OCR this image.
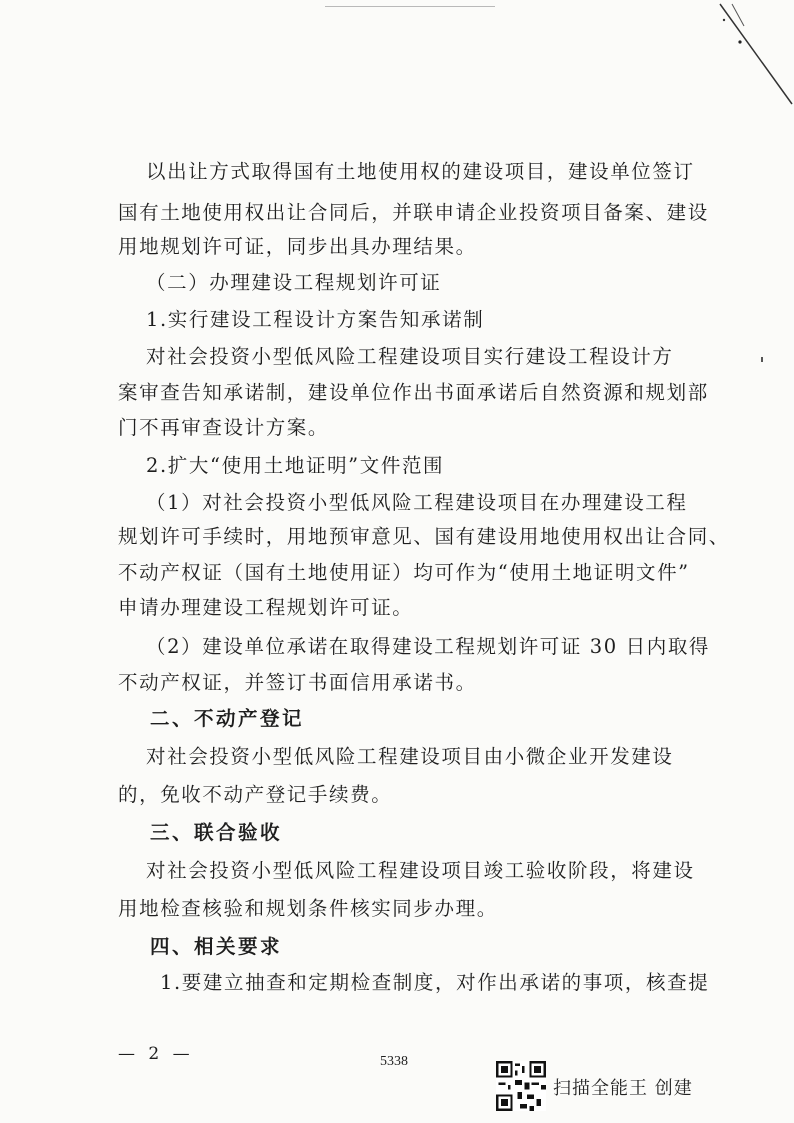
以出让方式取得国有土地使用权的建设项目，建设单位签订
国有土地使用权出让合同后，并联申请企业投资项目备案、建设
用地规划许可证，同步出具办理结果。
（二）办理建设工程规划许可证
1.实行建设工程设计方案告知承诺制
对社会投资小型低风险工程建设项目实行建设工程设计方
案审查告知承诺制，建设单位作出书面承诺后自然资源和规划部
门不再审查设计方案。
2.扩大“使用土地证明”文件范围
（1）对社会投资小型低风险工程建设项目在办理建设工程
规划许可手续时，用地预审意见、国有建设用地使用权出让合同、
不动产权证（国有土地使用证）均可作为“使用土地证明文件”
申请办理建设工程规划许可证。
（2）建设单位承诺在取得建设工程规划许可证 30 日内取得
不动产权证，并签订书面信用承诺书。
二、不动产登记
对社会投资小型低风险工程建设项目由小微企业开发建设
的，免收不动产登记手续费。
三、联合验收
对社会投资小型低风险工程建设项目竣工验收阶段，将建设
用地检查核验和规划条件核实同步办理。
四、相关要求
1.要建立抽查和定期检查制度，对作出承诺的事项，核查提
— 2 —	5338
扫描全能王 创建
